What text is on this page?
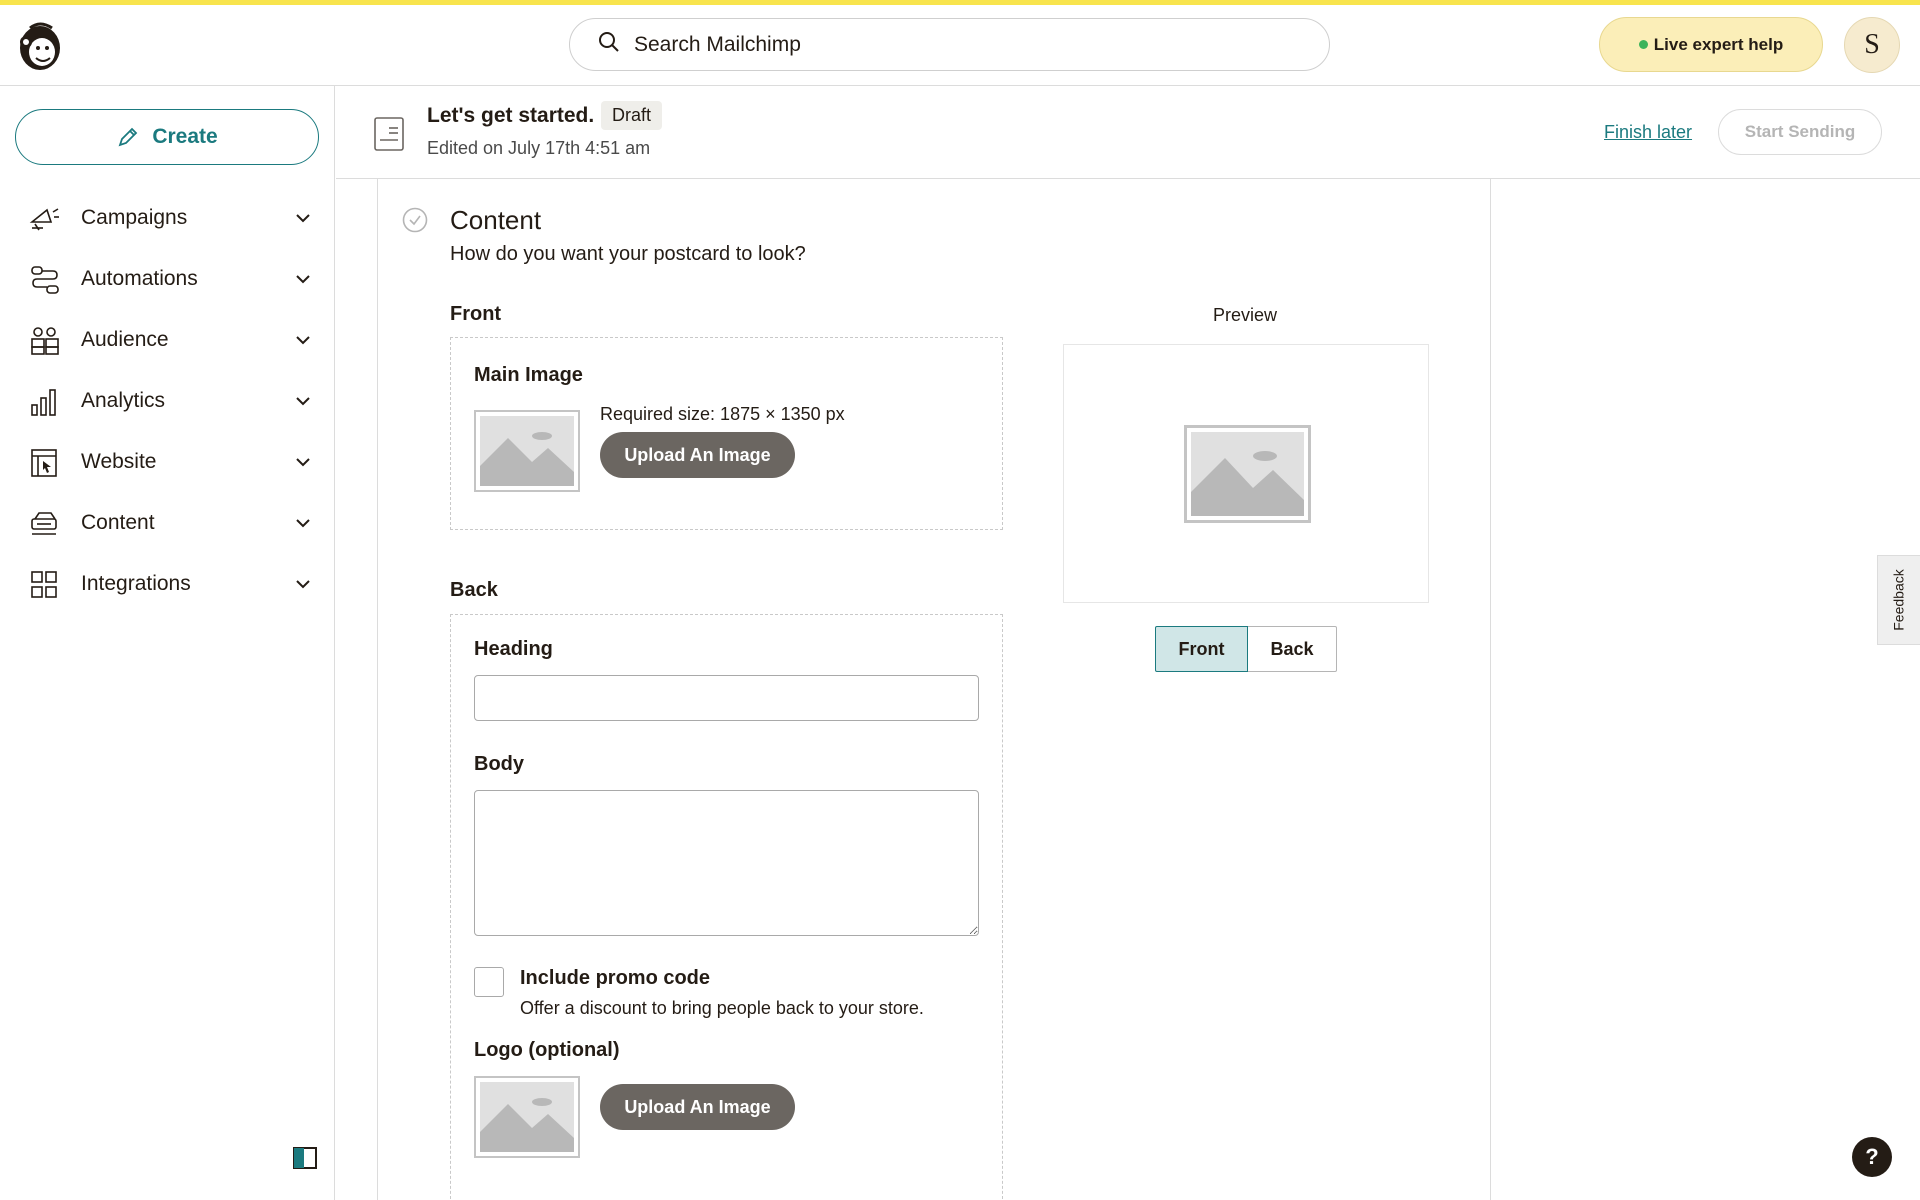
Search Mailchimp
Live expert help	S
Create
Campaigns
Automations
Audience
Analytics
Website
Content
Integrations
Let's get started. Draft
Edited on July 17th 4:51 am
Finish later	Start Sending
Content
How do you want your postcard to look?
Front
Main Image
Required size: 1875 × 1350 px
Upload An Image
Back
Heading
Body
Include promo code
Offer a discount to bring people back to your store.
Logo (optional)
Upload An Image
Preview
Front	Back
Feedback
?
